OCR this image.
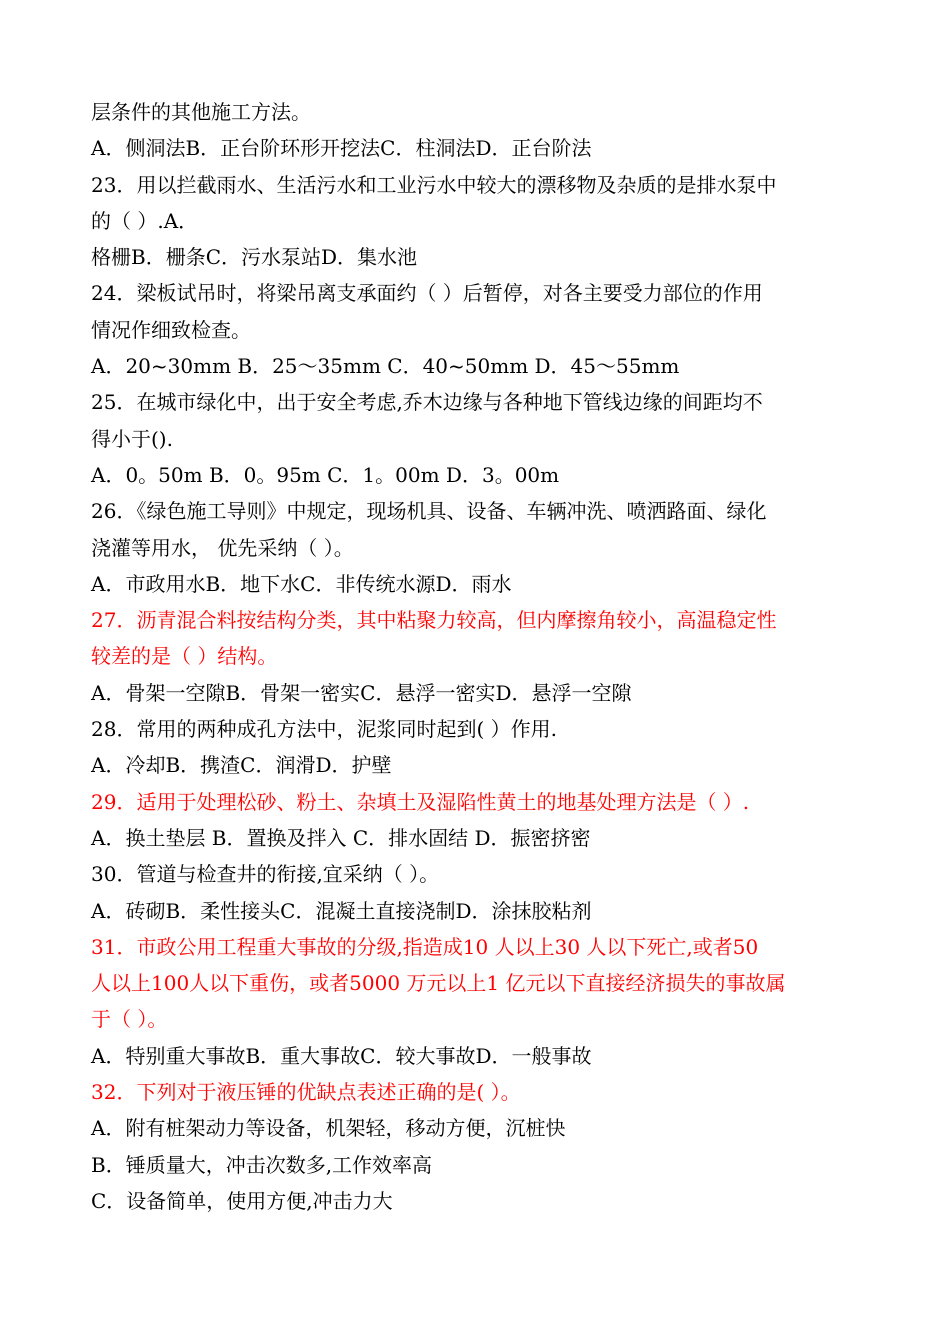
层条件的其他施工方法。
A．侧洞法B．正台阶环形开挖法C．柱洞法D．正台阶法
23．用以拦截雨水、生活污水和工业污水中较大的漂移物及杂质的是排水泵中
的（ ）.A．
格栅B．栅条C．污水泵站D．集水池
24．梁板试吊时，将梁吊离支承面约（ ）后暂停，对各主要受力部位的作用
情况作细致检查。
A．20~30mm B．25～35mm C．40~50mm D．45～55mm
25．在城市绿化中，出于安全考虑,乔木边缘与各种地下管线边缘的间距均不
得小于().
A．0。50m B．0。95m C．1。00m D．3。00m
26．《绿色施工导则》中规定，现场机具、设备、车辆冲洗、喷洒路面、绿化
浇灌等用水， 优先采纳（ ）。
A．市政用水B．地下水C．非传统水源D．雨水
27．沥青混合料按结构分类，其中粘聚力较高，但内摩擦角较小，高温稳定性
较差的是（ ）结构。
A．骨架一空隙B．骨架一密实C．悬浮一密实D．悬浮一空隙
28．常用的两种成孔方法中，泥浆同时起到( ）作用.
A．冷却B．携渣C．润滑D．护壁
29．适用于处理松砂、粉土、杂填土及湿陷性黄土的地基处理方法是（ ）.
A．换土垫层 B．置换及拌入 C．排水固结 D．振密挤密
30．管道与检查井的衔接,宜采纳（ ）。
A．砖砌B．柔性接头C．混凝土直接浇制D．涂抹胶粘剂
31．市政公用工程重大事故的分级,指造成10 人以上30 人以下死亡,或者50
人以上100人以下重伤，或者5000 万元以上1 亿元以下直接经济损失的事故属
于（ ）。
A．特别重大事故B．重大事故C．较大事故D．一般事故
32．下列对于液压锤的优缺点表述正确的是( ）。
A．附有桩架动力等设备，机架轻，移动方便，沉桩快
B．锤质量大，冲击次数多,工作效率高
C．设备简单，使用方便,冲击力大
